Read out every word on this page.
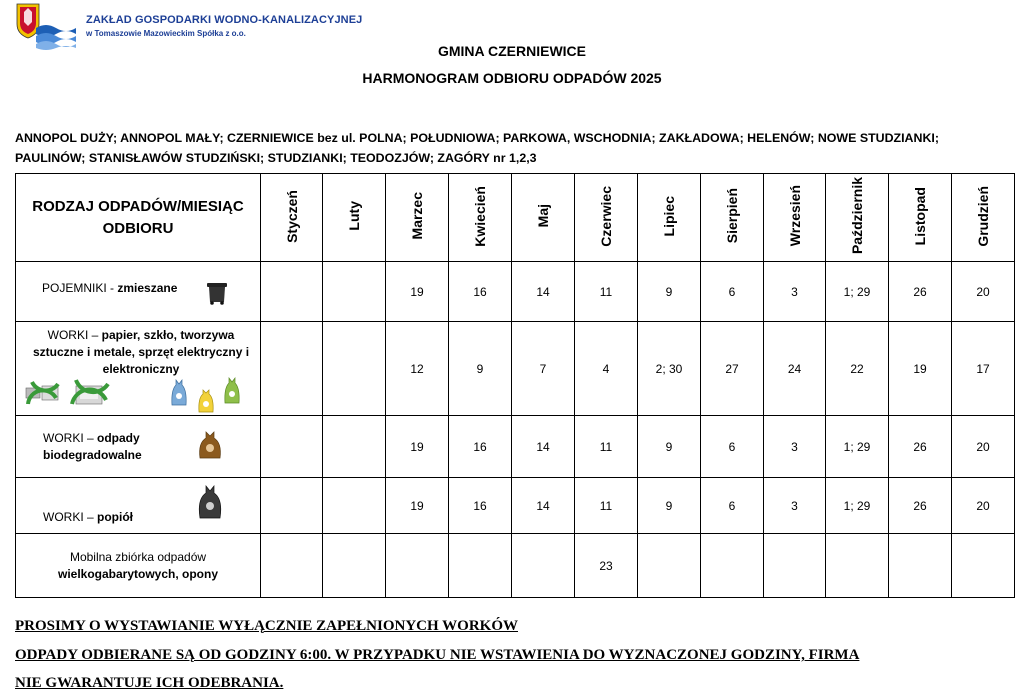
ZAKŁAD GOSPODARKI WODNO-KANALIZACYJNEJ
w Tomaszowie Mazowieckim Spółka z o.o.
GMINA CZERNIEWICE
HARMONOGRAM ODBIORU ODPADÓW 2025
ANNOPOL DUŻY; ANNOPOL MAŁY; CZERNIEWICE bez ul. POLNA; POŁUDNIOWA; PARKOWA, WSCHODNIA; ZAKŁADOWA; HELENÓW; NOWE STUDZIANKI; PAULINÓW; STANISŁAWÓW STUDZIŃSKI; STUDZIANKI; TEODOZJÓW; ZAGÓRY nr 1,2,3
RODZAJ ODPADÓW/MIESIĄC ODBIORU	Styczeń	Luty	Marzec	Kwiecień	Maj	Czerwiec	Lipiec	Sierpień	Wrzesień	Październik	Listopad	Grudzień

POJEMNIKI - zmieszane			19	16	14	11	9	6	3	1; 29	26	20

WORKI – papier, szkło, tworzywa sztuczne i metale, sprzęt elektryczny i elektroniczny			12	9	7	4	2; 30	27	24	22	19	17

WORKI – odpady biodegradowalne			19	16	14	11	9	6	3	1; 29	26	20

WORKI – popiół			19	16	14	11	9	6	3	1; 29	26	20

Mobilna zbiórka odpadów
wielkogabarytowych, opony						23						
PROSIMY O WYSTAWIANIE WYŁĄCZNIE ZAPEŁNIONYCH WORKÓW
ODPADY ODBIERANE SĄ OD GODZINY 6:00. W PRZYPADKU NIE WSTAWIENIA DO WYZNACZONEJ GODZINY, FIRMA
NIE GWARANTUJE ICH ODEBRANIA.
